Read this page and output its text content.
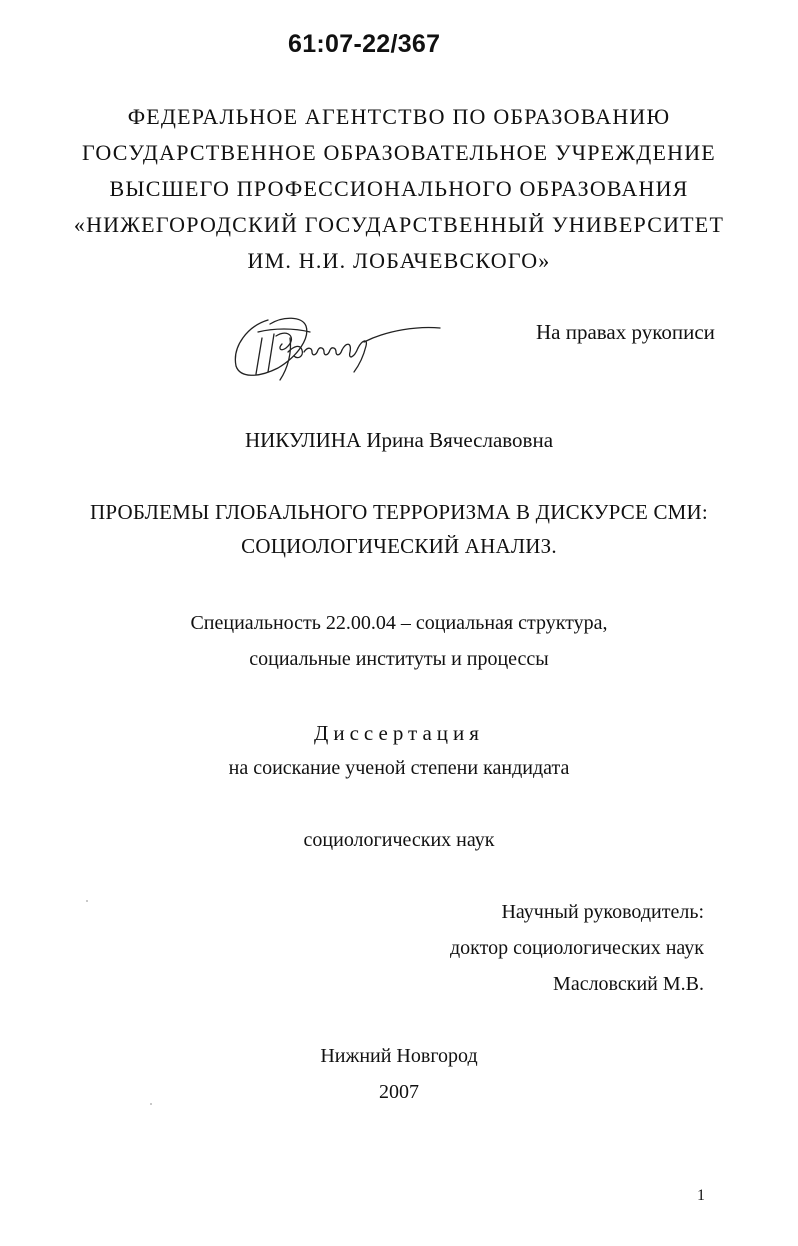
61:07-22/367
ФЕДЕРАЛЬНОЕ АГЕНТСТВО ПО ОБРАЗОВАНИЮ
ГОСУДАРСТВЕННОЕ ОБРАЗОВАТЕЛЬНОЕ УЧРЕЖДЕНИЕ
ВЫСШЕГО ПРОФЕССИОНАЛЬНОГО ОБРАЗОВАНИЯ
«НИЖЕГОРОДСКИЙ ГОСУДАРСТВЕННЫЙ УНИВЕРСИТЕТ
ИМ. Н.И. ЛОБАЧЕВСКОГО»
На правах рукописи
НИКУЛИНА Ирина Вячеславовна
ПРОБЛЕМЫ ГЛОБАЛЬНОГО ТЕРРОРИЗМА В ДИСКУРСЕ СМИ:
СОЦИОЛОГИЧЕСКИЙ АНАЛИЗ.
Специальность 22.00.04 – социальная структура,
социальные институты и процессы
Диссертация
на соискание ученой степени кандидата
социологических наук
Научный руководитель:
доктор социологических наук
Масловский М.В.
Нижний Новгород
2007
1
